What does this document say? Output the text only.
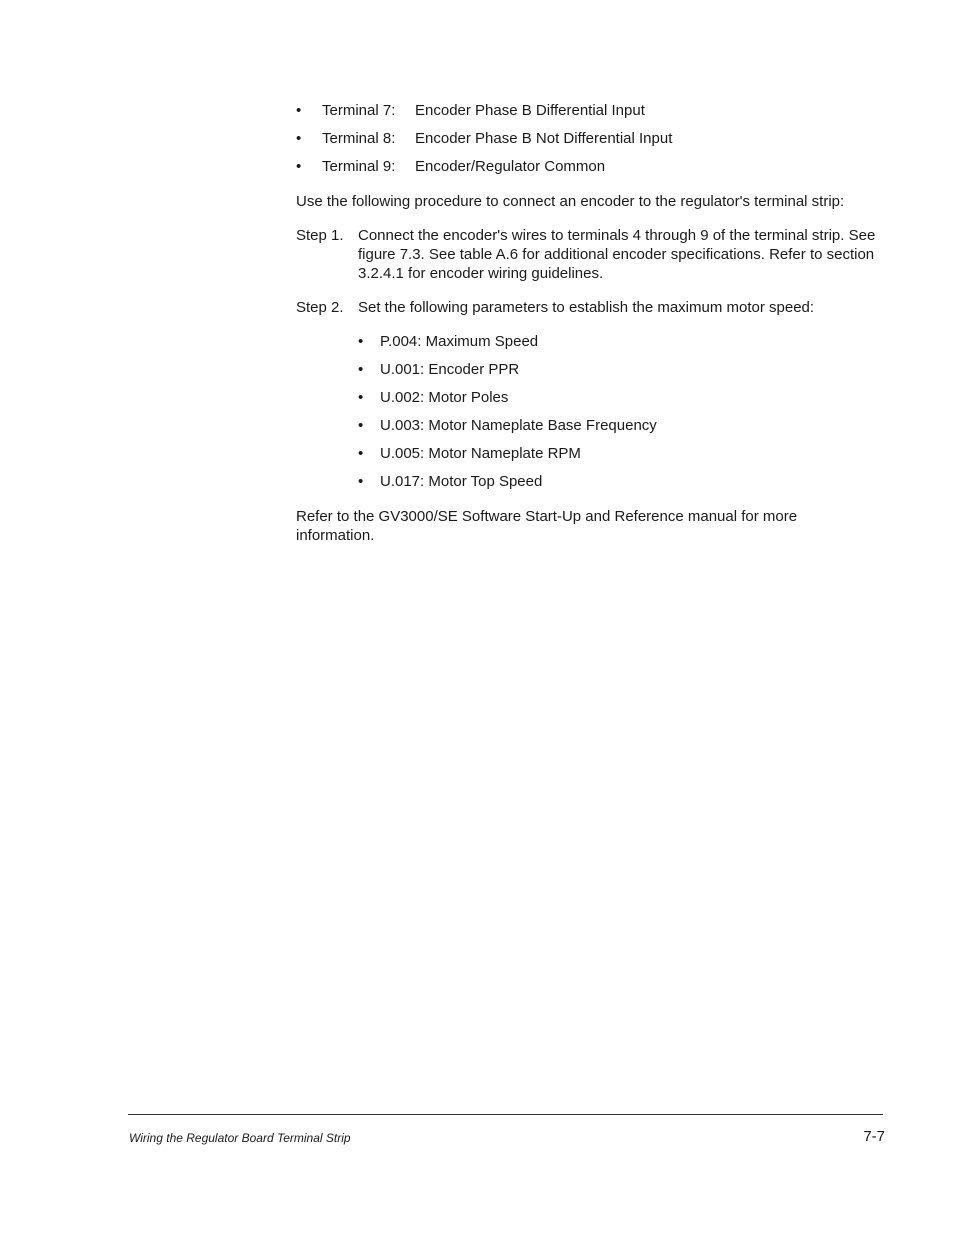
• Terminal 7: Encoder Phase B Differential Input
• Terminal 8: Encoder Phase B Not Differential Input
• Terminal 9: Encoder/Regulator Common

Use the following procedure to connect an encoder to the regulator's terminal strip:

Step 1. Connect the encoder's wires to terminals 4 through 9 of the terminal strip. See figure 7.3. See table A.6 for additional encoder specifications. Refer to section 3.2.4.1 for encoder wiring guidelines.

Step 2. Set the following parameters to establish the maximum motor speed:

• P.004: Maximum Speed
• U.001: Encoder PPR
• U.002: Motor Poles
• U.003: Motor Nameplate Base Frequency
• U.005: Motor Nameplate RPM
• U.017: Motor Top Speed

Refer to the GV3000/SE Software Start-Up and Reference manual for more information.

Wiring the Regulator Board Terminal Strip	7-7
